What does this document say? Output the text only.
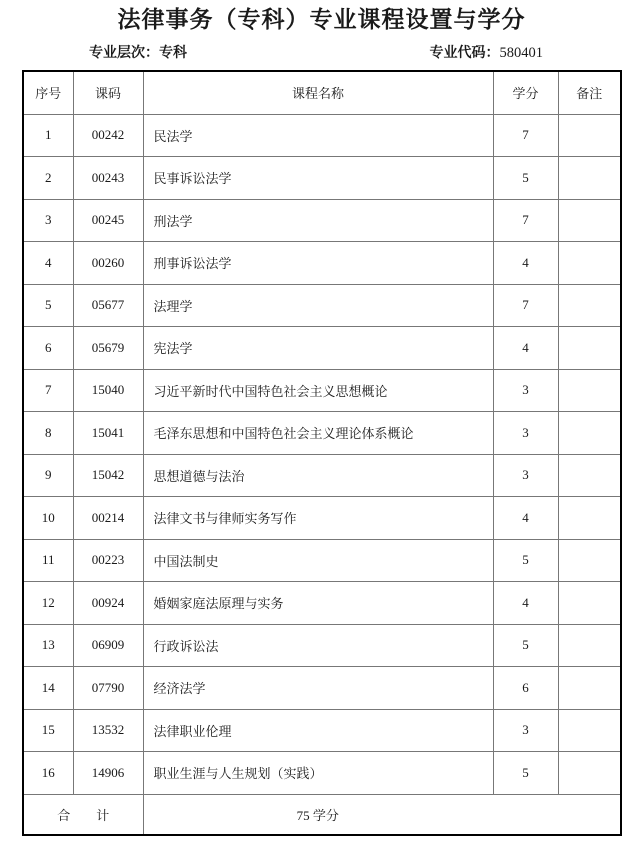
法律事务（专科）专业课程设置与学分
专业层次：专科	专业代码：580401
序号	课码	课程名称	学分	备注
1	00242	民法学	7	
2	00243	民事诉讼法学	5	
3	00245	刑法学	7	
4	00260	刑事诉讼法学	4	
5	05677	法理学	7	
6	05679	宪法学	4	
7	15040	习近平新时代中国特色社会主义思想概论	3	
8	15041	毛泽东思想和中国特色社会主义理论体系概论	3	
9	15042	思想道德与法治	3	
10	00214	法律文书与律师实务写作	4	
11	00223	中国法制史	5	
12	00924	婚姻家庭法原理与实务	4	
13	06909	行政诉讼法	5	
14	07790	经济法学	6	
15	13532	法律职业伦理	3	
16	14906	职业生涯与人生规划（实践）	5	
合　　计		75 学分		
